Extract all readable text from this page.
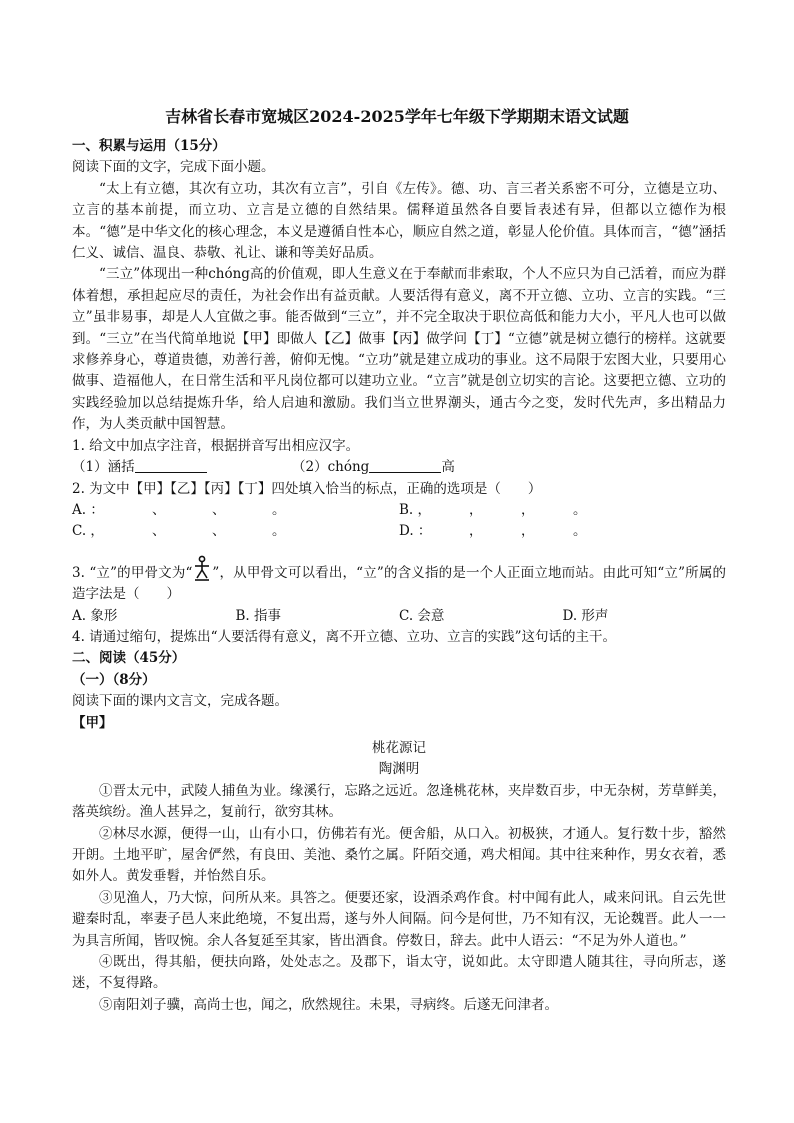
吉林省长春市宽城区2024-2025学年七年级下学期期末语文试题

一、积累与运用（15分）

阅读下面的文字，完成下面小题。

“太上有立德，其次有立功，其次有立言”，引自《左传》。德、功、言三者关系密不可分，立德是立功、立言的基本前提，而立功、立言是立德的自然结果。儒释道虽然各自要旨表述有异，但都以立德作为根本。“德”是中华文化的核心理念，本义是遵循自性本心，顺应自然之道，彰显人伦价值。具体而言，“德”涵括仁义、诚信、温良、恭敬、礼让、谦和等美好品质。

“三立”体现出一种chóng高的价值观，即人生意义在于奉献而非索取，个人不应只为自己活着，而应为群体着想，承担起应尽的责任，为社会作出有益贡献。人要活得有意义，离不开立德、立功、立言的实践。“三立”虽非易事，却是人人宜做之事。能否做到“三立”，并不完全取决于职位高低和能力大小，平凡人也可以做到。“三立”在当代简单地说【甲】即做人【乙】做事【丙】做学问【丁】“立德”就是树立德行的榜样。这就要求修养身心，尊道贵德，劝善行善，俯仰无愧。“立功”就是建立成功的事业。这不局限于宏图大业，只要用心做事、造福他人，在日常生活和平凡岗位都可以建功立业。“立言”就是创立切实的言论。这要把立德、立功的实践经验加以总结提炼升华，给人启迪和激励。我们当立世界潮头，通古今之变，发时代先声，多出精品力作，为人类贡献中国智慧。

1. 给文中加点字注音，根据拼音写出相应汉字。

（1）涵括	（2）chóng	高

2. 为文中【甲】【乙】【丙】【丁】四处填入恰当的标点，正确的选项是（　　）

A. ：	、	、	。	B. ，	，	，	。
C. ，	、	、	。	D. ：	，	，	。

3. “立”的甲骨文为“ ”，从甲骨文可以看出，“立”的含义指的是一个人正面立地而站。由此可知“立”所属的造字法是（　　）

A. 象形	B. 指事	C. 会意	D. 形声

4. 请通过缩句，提炼出“人要活得有意义，离不开立德、立功、立言的实践”这句话的主干。

二、阅读（45分）

（一）（8分）

阅读下面的课内文言文，完成各题。

【甲】

桃花源记

陶渊明

①晋太元中，武陵人捕鱼为业。缘溪行，忘路之远近。忽逢桃花林，夹岸数百步，中无杂树，芳草鲜美，落英缤纷。渔人甚异之，复前行，欲穷其林。

②林尽水源，便得一山，山有小口，仿佛若有光。便舍船，从口入。初极狭，才通人。复行数十步，豁然开朗。土地平旷，屋舍俨然，有良田、美池、桑竹之属。阡陌交通，鸡犬相闻。其中往来种作，男女衣着，悉如外人。黄发垂髫，并怡然自乐。

③见渔人，乃大惊，问所从来。具答之。便要还家，设酒杀鸡作食。村中闻有此人，咸来问讯。自云先世避秦时乱，率妻子邑人来此绝境，不复出焉，遂与外人间隔。问今是何世，乃不知有汉，无论魏晋。此人一一为具言所闻，皆叹惋。余人各复延至其家，皆出酒食。停数日，辞去。此中人语云：“不足为外人道也。”

④既出，得其船，便扶向路，处处志之。及郡下，诣太守，说如此。太守即遣人随其往，寻向所志，遂迷，不复得路。

⑤南阳刘子骥，高尚士也，闻之，欣然规往。未果，寻病终。后遂无问津者。
